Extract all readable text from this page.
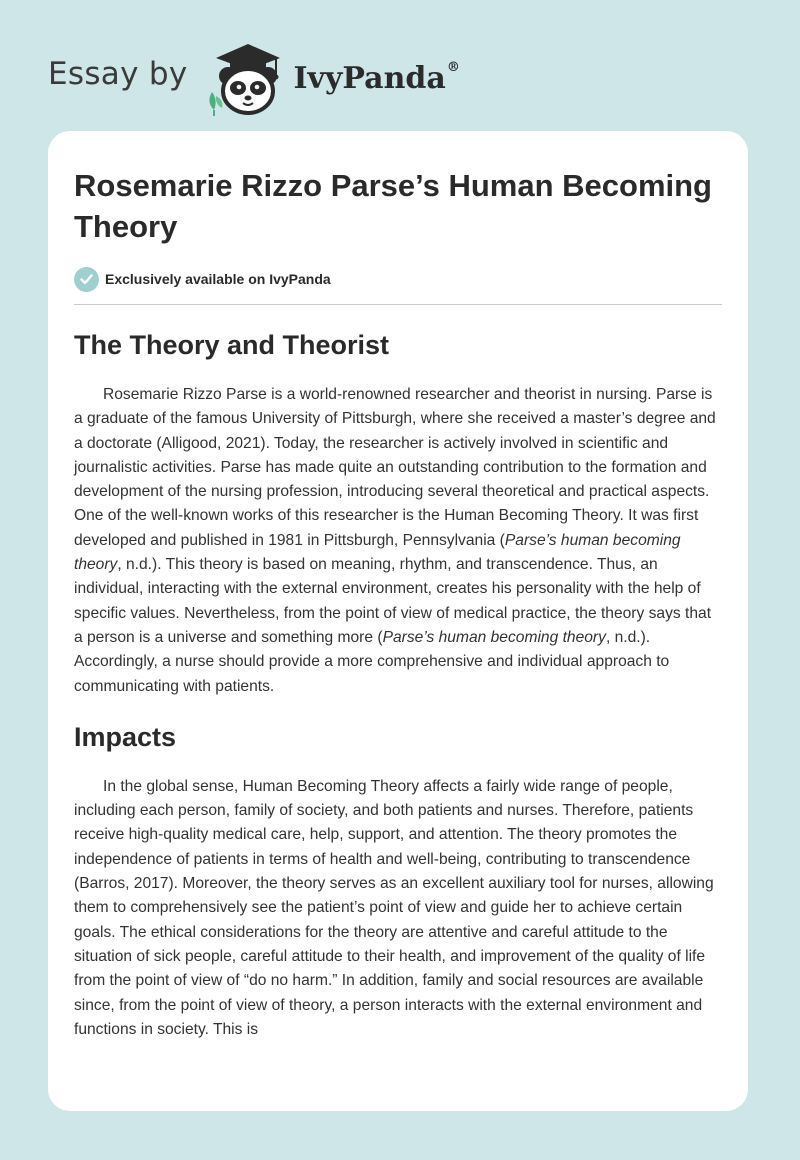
Essay by	IvyPanda®
Rosemarie Rizzo Parse’s Human Becoming Theory
Exclusively available on IvyPanda
The Theory and Theorist

Rosemarie Rizzo Parse is a world-renowned researcher and theorist in nursing. Parse is a graduate of the famous University of Pittsburgh, where she received a master’s degree and a doctorate (Alligood, 2021). Today, the researcher is actively involved in scientific and journalistic activities. Parse has made quite an outstanding contribution to the formation and development of the nursing profession, introducing several theoretical and practical aspects. One of the well-known works of this researcher is the Human Becoming Theory. It was first developed and published in 1981 in Pittsburgh, Pennsylvania (Parse’s human becoming theory, n.d.). This theory is based on meaning, rhythm, and transcendence. Thus, an individual, interacting with the external environment, creates his personality with the help of specific values. Nevertheless, from the point of view of medical practice, the theory says that a person is a universe and something more (Parse’s human becoming theory, n.d.). Accordingly, a nurse should provide a more comprehensive and individual approach to communicating with patients.

Impacts

In the global sense, Human Becoming Theory affects a fairly wide range of people, including each person, family of society, and both patients and nurses. Therefore, patients receive high-quality medical care, help, support, and attention. The theory promotes the independence of patients in terms of health and well-being, contributing to transcendence (Barros, 2017). Moreover, the theory serves as an excellent auxiliary tool for nurses, allowing them to comprehensively see the patient’s point of view and guide her to achieve certain goals. The ethical considerations for the theory are attentive and careful attitude to the situation of sick people, careful attitude to their health, and improvement of the quality of life from the point of view of “do no harm.” In addition, family and social resources are available since, from the point of view of theory, a person interacts with the external environment and functions in society. This is
